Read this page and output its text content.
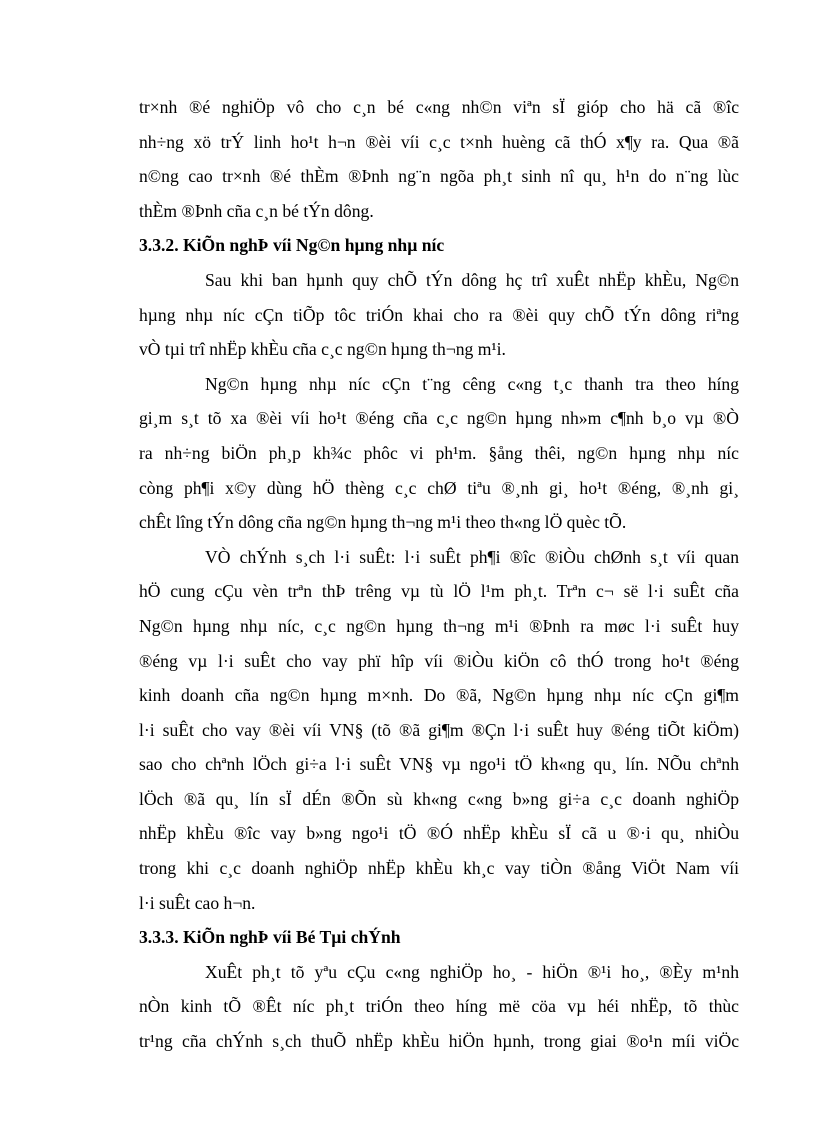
tr×nh ®é nghiÖp vô cho c¸n bé c«ng nh©n viªn sÏ gióp cho hä cã ®îc
nh÷ng xö trÝ linh ho¹t h¬n ®èi víi c¸c t×nh huèng cã thÓ x¶y ra. Qua ®ã
n©ng cao tr×nh ®é thÈm ®Þnh ng¨n ngõa ph¸t sinh nî qu¸ h¹n do n¨ng lùc
thÈm ®Þnh cña c¸n bé tÝn dông.

3.3.2. KiÕn nghÞ víi Ng©n hµng nhµ níc

Sau khi ban hµnh quy chÕ tÝn dông hç trî xuÊt nhËp khÈu, Ng©n
hµng nhµ níc cÇn tiÕp tôc triÓn khai cho ra ®èi quy chÕ tÝn dông riªng
vÒ tµi trî nhËp khÈu cña c¸c ng©n hµng th¬ng m¹i.

Ng©n hµng nhµ níc cÇn t¨ng cêng c«ng t¸c thanh tra theo híng
gi¸m s¸t tõ xa ®èi víi ho¹t ®éng cña c¸c ng©n hµng nh»m c¶nh b¸o vµ ®Ò
ra nh÷ng biÖn ph¸p kh¾c phôc vi ph¹m. §ång thêi, ng©n hµng nhµ níc
còng ph¶i x©y dùng hÖ thèng c¸c chØ tiªu ®¸nh gi¸ ho¹t ®éng, ®¸nh gi¸
chÊt lîng tÝn dông cña ng©n hµng th¬ng m¹i theo th«ng lÖ quèc tÕ.

VÒ chÝnh s¸ch l·i suÊt: l·i suÊt ph¶i ®îc ®iÒu chØnh s¸t víi quan
hÖ cung cÇu vèn trªn thÞ trêng vµ tù lÖ l¹m ph¸t. Trªn c¬ së l·i suÊt cña
Ng©n hµng nhµ níc, c¸c ng©n hµng th¬ng m¹i ®Þnh ra møc l·i suÊt huy
®éng vµ l·i suÊt cho vay phï hîp víi ®iÒu kiÖn cô thÓ trong ho¹t ®éng
kinh doanh cña ng©n hµng m×nh. Do ®ã, Ng©n hµng nhµ níc cÇn gi¶m
l·i suÊt cho vay ®èi víi VN§ (tõ ®ã gi¶m ®Çn l·i suÊt huy ®éng tiÕt kiÖm)
sao cho chªnh lÖch gi÷a l·i suÊt VN§ vµ ngo¹i tÖ kh«ng qu¸ lín. NÕu chªnh
lÖch ®ã qu¸ lín sÏ dÉn ®Õn sù kh«ng c«ng b»ng gi÷a c¸c doanh nghiÖp
nhËp khÈu ®îc vay b»ng ngo¹i tÖ ®Ó nhËp khÈu sÏ cã u ®·i qu¸ nhiÒu
trong khi c¸c doanh nghiÖp nhËp khÈu kh¸c vay tiÒn ®ång ViÖt Nam víi
l·i suÊt cao h¬n.

3.3.3. KiÕn nghÞ víi Bé Tµi chÝnh

XuÊt ph¸t tõ yªu cÇu c«ng nghiÖp ho¸ - hiÖn ®¹i ho¸, ®Èy m¹nh
nÒn kinh tÕ ®Êt níc ph¸t triÓn theo híng më cöa vµ héi nhËp, tõ thùc
tr¹ng cña chÝnh s¸ch thuÕ nhËp khÈu hiÖn hµnh, trong giai ®o¹n míi viÖc
